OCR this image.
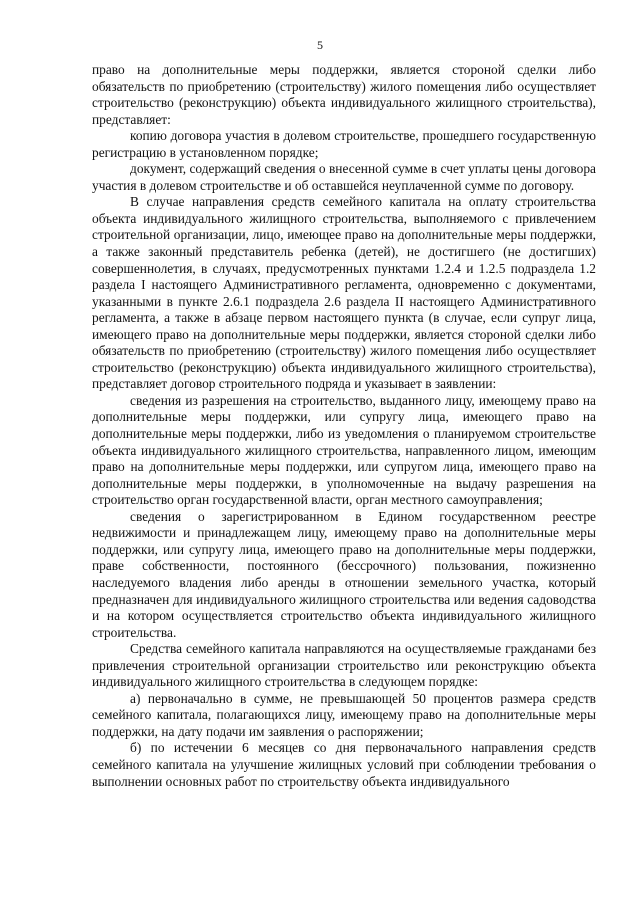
5

право на дополнительные меры поддержки, является стороной сделки либо обязательств по приобретению (строительству) жилого помещения либо осуществляет строительство (реконструкцию) объекта индивидуального жилищного строительства), представляет:

копию договора участия в долевом строительстве, прошедшего государственную регистрацию в установленном порядке;

документ, содержащий сведения о внесенной сумме в счет уплаты цены договора участия в долевом строительстве и об оставшейся неуплаченной сумме по договору.

В случае направления средств семейного капитала на оплату строительства объекта индивидуального жилищного строительства, выполняемого с привлечением строительной организации, лицо, имеющее право на дополнительные меры поддержки, а также законный представитель ребенка (детей), не достигшего (не достигших) совершеннолетия, в случаях, предусмотренных пунктами 1.2.4 и 1.2.5 подраздела 1.2 раздела I настоящего Административного регламента, одновременно с документами, указанными в пункте 2.6.1 подраздела 2.6 раздела II настоящего Административного регламента, а также в абзаце первом настоящего пункта (в случае, если супруг лица, имеющего право на дополнительные меры поддержки, является стороной сделки либо обязательств по приобретению (строительству) жилого помещения либо осуществляет строительство (реконструкцию) объекта индивидуального жилищного строительства), представляет договор строительного подряда и указывает в заявлении:

сведения из разрешения на строительство, выданного лицу, имеющему право на дополнительные меры поддержки, или супругу лица, имеющего право на дополнительные меры поддержки, либо из уведомления о планируемом строительстве объекта индивидуального жилищного строительства, направленного лицом, имеющим право на дополнительные меры поддержки, или супругом лица, имеющего право на дополнительные меры поддержки, в уполномоченные на выдачу разрешения на строительство орган государственной власти, орган местного самоуправления;

сведения о зарегистрированном в Едином государственном реестре недвижимости и принадлежащем лицу, имеющему право на дополнительные меры поддержки, или супругу лица, имеющего право на дополнительные меры поддержки, праве собственности, постоянного (бессрочного) пользования, пожизненно наследуемого владения либо аренды в отношении земельного участка, который предназначен для индивидуального жилищного строительства или ведения садоводства и на котором осуществляется строительство объекта индивидуального жилищного строительства.

Средства семейного капитала направляются на осуществляемые гражданами без привлечения строительной организации строительство или реконструкцию объекта индивидуального жилищного строительства в следующем порядке:

а) первоначально в сумме, не превышающей 50 процентов размера средств семейного капитала, полагающихся лицу, имеющему право на дополнительные меры поддержки, на дату подачи им заявления о распоряжении;

б) по истечении 6 месяцев со дня первоначального направления средств семейного капитала на улучшение жилищных условий при соблюдении требования о выполнении основных работ по строительству объекта индивидуального
